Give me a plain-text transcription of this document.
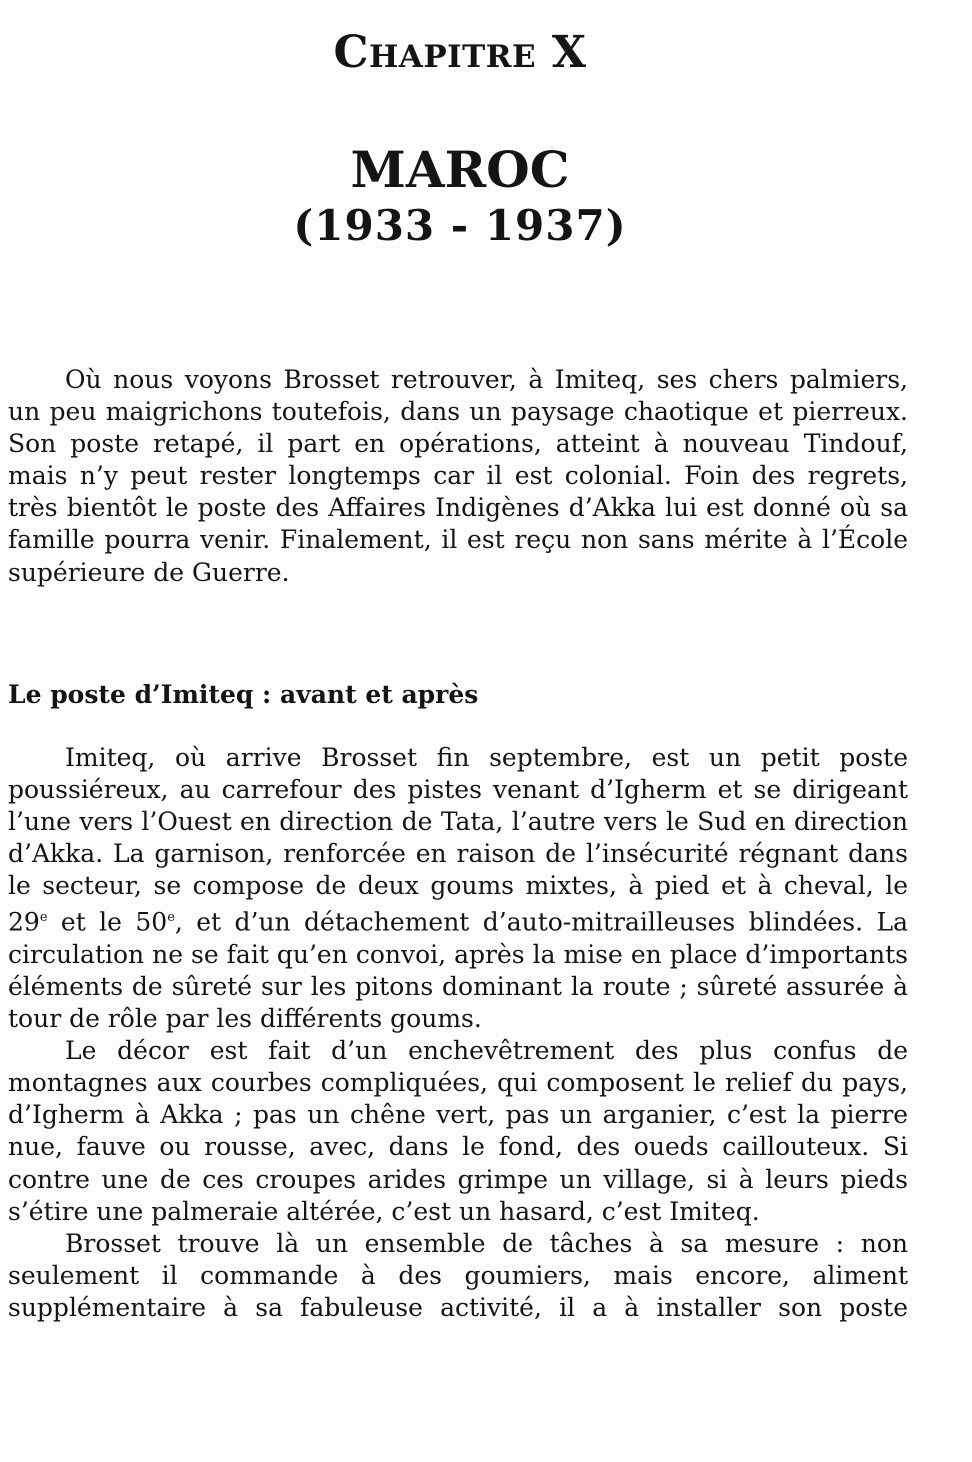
Chapitre X
MAROC
(1933 - 1937)

Où nous voyons Brosset retrouver, à Imiteq, ses chers palmiers, un peu maigrichons toutefois, dans un paysage chaotique et pierreux. Son poste retapé, il part en opérations, atteint à nouveau Tindouf, mais n’y peut rester longtemps car il est colonial. Foin des regrets, très bientôt le poste des Affaires Indigènes d’Akka lui est donné où sa famille pourra venir. Finalement, il est reçu non sans mérite à l’École supérieure de Guerre.

Le poste d’Imiteq : avant et après

Imiteq, où arrive Brosset fin septembre, est un petit poste poussiéreux, au carrefour des pistes venant d’Igherm et se dirigeant l’une vers l’Ouest en direction de Tata, l’autre vers le Sud en direction d’Akka. La garnison, renforcée en raison de l’insécurité régnant dans le secteur, se compose de deux goums mixtes, à pied et à cheval, le 29e et le 50e, et d’un détachement d’auto-mitrailleuses blindées. La circulation ne se fait qu’en convoi, après la mise en place d’importants éléments de sûreté sur les pitons dominant la route ; sûreté assurée à tour de rôle par les différents goums.

Le décor est fait d’un enchevêtrement des plus confus de montagnes aux courbes compliquées, qui composent le relief du pays, d’Igherm à Akka ; pas un chêne vert, pas un arganier, c’est la pierre nue, fauve ou rousse, avec, dans le fond, des oueds caillouteux. Si contre une de ces croupes arides grimpe un village, si à leurs pieds s’étire une palmeraie altérée, c’est un hasard, c’est Imiteq.

Brosset trouve là un ensemble de tâches à sa mesure : non seulement il commande à des goumiers, mais encore, aliment supplémentaire à sa fabuleuse activité, il a à installer son poste
